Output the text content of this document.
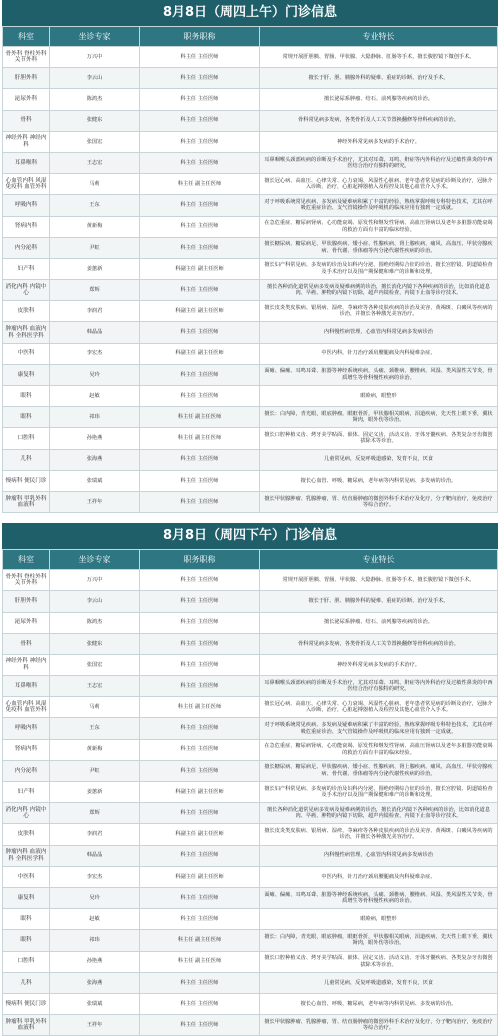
8月8日（周四上午）门诊信息
科室	坐诊专家	职务职称	专业特长
骨外科 脊柱外科 关节外科	万兴中	科主任 主任医师	常规开展肝胆胰、胃肠、甲状腺、大隐静脉、肛肠等手术，擅长腹腔镜下微创手术。
肝胆外科	李云山	科主任 主任医师	擅长于肝、胆、胰腺外科的疑难、重症的诊断、治疗及手术。
泌尿外科	陈鸿杰	科主任 主任医师	擅长泌尿系肿瘤、结石、前列腺等疾病的诊治。
骨科	张健东	科主任 主任医师	骨科常见病多发病，各类骨折及人工关节置换翻修等骨科疾病的诊治。
神经外科 神经内科	张国宏	科主任 主任医师	神经外科常见病多发病的手术治疗。
耳鼻喉科	王志宏	科主任 主任医师	耳鼻咽喉头颈部疾病的诊断及手术治疗，尤其对耳聋、耳鸣、鼾症等内外科治疗及过敏性鼻炎的中西医结合治疗有独特的研究。
心血管内科 风湿免疫科 血管外科	马莉	科主任 副主任医师	擅长冠心病、高血压、心律失常、心力衰竭、风湿性心脏病、老年患者常见病的诊断及治疗，冠脉介入诊断、治疗，心脏起搏器植入及程控及其他心血管介入手术。
呼吸内科	王东	科主任 主任医师	对于呼吸系统常见疾病、多发病及疑难病积累了丰富的经验，熟练掌握呼吸专科特色技术，尤其在呼吸危重症诊治、支气管镜操作及呼吸机的临床应用有独到一定成就。
肾病内科	黄新梅	科主任 主任医师	在急危重症、糖尿病肾病、心功能衰竭、原发性和继发性肾病、高血压肾病以及老年多脏器功能衰竭的救治方面有丰富的临床经验。
内分泌科	尹虹	科主任 主任医师	擅长糖尿病、糖尿病足、甲状腺疾病、矮小症、性腺疾病、肾上腺疾病、痛风、高血压、甲状旁腺疾病、骨代谢、垂体瘤等内分泌代谢性疾病的诊治。
妇产科	姜蕙新	科副主任 副主任医师	擅长妇产科常见病、多发病的诊治及妇科内分泌、围绝经期综合征的诊治，擅长宫腔镜、阴道镜检查及手术治疗以及围产期保健和难产的诊断和处理。
消化内科 内镜中心	郑辉	科主任 主任医师	擅长各种消化道常见病多发病及疑难病例的诊治，擅长消化内镜下各种疾病的诊治，比如消化道息肉、早癌、肿物的内镜下切除，超声内镜检查，内镜下止血等诊疗技术。
皮肤科	李润君	科副主任 副主任医师	擅长皮炎类皮肤病、银屑病、湿疹、荨麻疹等各种皮肤疾病的诊治及美容、黄褐斑、白癜风等疾病的诊治，并擅长各种激光美容治疗。
肿瘤内科 血液内科 全科医学科	韩晶晶	科主任 主任医师	内科慢性病管理，心血管内科常见病多发病诊治
中医科	李宏杰	科副主任 副主任医师	中医内科，针刀治疗颈肩腰腿痛及内科疑难杂症。
康复科	吴玲	科主任 主任医师	面瘫、偏瘫、耳鸣耳聋、脏器等神经系统疾病，头痛、颈椎病、腰椎病、风湿、类风湿性关节炎，骨质增生等骨科慢性疾病的诊治。
眼科	赵敏	科主任 主任医师	眼睑病，眼整形
眼科	祁玮	科主任 副主任医师	擅长：白内障，青光眼，眼底肿瘤，眼眶骨折，甲状腺相关眼病，泪道疾病，先天性上眼下垂，翼状胬肉，眼外伤等诊治。
口腔科	孙艳燕	科主任 副主任医师	擅长口腔种植义齿、烤牙美学贴面、嵌体、固定义齿、活动义齿、牙体牙髓疾病、各类复杂牙齿微创拔除术等诊治。
儿科	张海燕	科主任 主任医师	儿童常见病，反复呼吸道感染，发育不良，厌食
慢病科 便民门诊	张瑞斌	科主任 主任医师	擅长心血管、呼吸、糖尿病，老年病等内科常见病、多发病的诊治。
肿瘤科 甲乳外科 血液科	王祥年	科主任 主任医师	擅长甲状腺肿瘤、乳腺肿瘤，胃、结直肠肿瘤的微创外科手术治疗及化疗，分子靶向治疗，免疫治疗等综合治疗。
8月8日（周四下午）门诊信息
科室	坐诊专家	职务职称	专业特长
骨外科 脊柱外科 关节外科	万兴中	科主任 主任医师	常规开展肝胆胰、胃肠、甲状腺、大隐静脉、肛肠等手术，擅长腹腔镜下微创手术。
肝胆外科	李云山	科主任 主任医师	擅长于肝、胆、胰腺外科的疑难、重症的诊断、治疗及手术。
泌尿外科	陈鸿杰	科主任 主任医师	擅长泌尿系肿瘤、结石、前列腺等疾病的诊治。
骨科	张健东	科主任 主任医师	骨科常见病多发病，各类骨折及人工关节置换翻修等骨科疾病的诊治。
神经外科 神经内科	张国宏	科主任 主任医师	神经外科常见病多发病的手术治疗。
耳鼻喉科	王志宏	科主任 主任医师	耳鼻咽喉头颈部疾病的诊断及手术治疗，尤其对耳聋、耳鸣、鼾症等内外科治疗及过敏性鼻炎的中西医结合治疗有独特的研究。
心血管内科 风湿免疫科 血管外科	马莉	科主任 副主任医师	擅长冠心病、高血压、心律失常、心力衰竭、风湿性心脏病、老年患者常见病的诊断及治疗，冠脉介入诊断、治疗，心脏起搏器植入及程控及其他心血管介入手术。
呼吸内科	王东	科主任 主任医师	对于呼吸系统常见疾病、多发病及疑难病积累了丰富的经验，熟练掌握呼吸专科特色技术，尤其在呼吸危重症诊治、支气管镜操作及呼吸机的临床应用有独到一定成就。
肾病内科	黄新梅	科主任 主任医师	在急危重症、糖尿病肾病、心功能衰竭、原发性和继发性肾病、高血压肾病以及老年多脏器功能衰竭的救治方面有丰富的临床经验。
内分泌科	尹虹	科主任 主任医师	擅长糖尿病、糖尿病足、甲状腺疾病、矮小症、性腺疾病、肾上腺疾病、痛风、高血压、甲状旁腺疾病、骨代谢、垂体瘤等内分泌代谢性疾病的诊治。
妇产科	姜蕙新	科副主任 副主任医师	擅长妇产科常见病、多发病的诊治及妇科内分泌、围绝经期综合征的诊治，擅长宫腔镜、阴道镜检查及手术治疗以及围产期保健和难产的诊断和处理。
消化内科 内镜中心	郑辉	科主任 主任医师	擅长各种消化道常见病多发病及疑难病例的诊治，擅长消化内镜下各种疾病的诊治，比如消化道息肉、早癌、肿物的内镜下切除，超声内镜检查，内镜下止血等诊疗技术。
皮肤科	李润君	科副主任 副主任医师	擅长皮炎类皮肤病、银屑病、湿疹、荨麻疹等各种皮肤疾病的诊治及美容、黄褐斑、白癜风等疾病的诊治，并擅长各种激光美容治疗。
肿瘤内科 血液内科 全科医学科	韩晶晶	科主任 主任医师	内科慢性病管理，心血管内科常见病多发病诊治
中医科	李宏杰	科副主任 副主任医师	中医内科，针刀治疗颈肩腰腿痛及内科疑难杂症。
康复科	吴玲	科主任 主任医师	面瘫、偏瘫、耳鸣耳聋、脏器等神经系统疾病，头痛、颈椎病、腰椎病、风湿、类风湿性关节炎，骨质增生等骨科慢性疾病的诊治。
眼科	赵敏	科主任 主任医师	眼睑病，眼整形
眼科	祁玮	科主任 副主任医师	擅长：白内障，青光眼，眼底肿瘤，眼眶骨折，甲状腺相关眼病，泪道疾病，先天性上眼下垂，翼状胬肉，眼外伤等诊治。
口腔科	孙艳燕	科主任 副主任医师	擅长口腔种植义齿、烤牙美学贴面、嵌体、固定义齿、活动义齿、牙体牙髓疾病、各类复杂牙齿微创拔除术等诊治。
儿科	张海燕	科主任 主任医师	儿童常见病，反复呼吸道感染，发育不良，厌食
慢病科 便民门诊	张瑞斌	科主任 主任医师	擅长心血管、呼吸、糖尿病，老年病等内科常见病、多发病的诊治。
肿瘤科 甲乳外科 血液科	王祥年	科主任 主任医师	擅长甲状腺肿瘤、乳腺肿瘤，胃、结直肠肿瘤的微创外科手术治疗及化疗，分子靶向治疗，免疫治疗等综合治疗。
